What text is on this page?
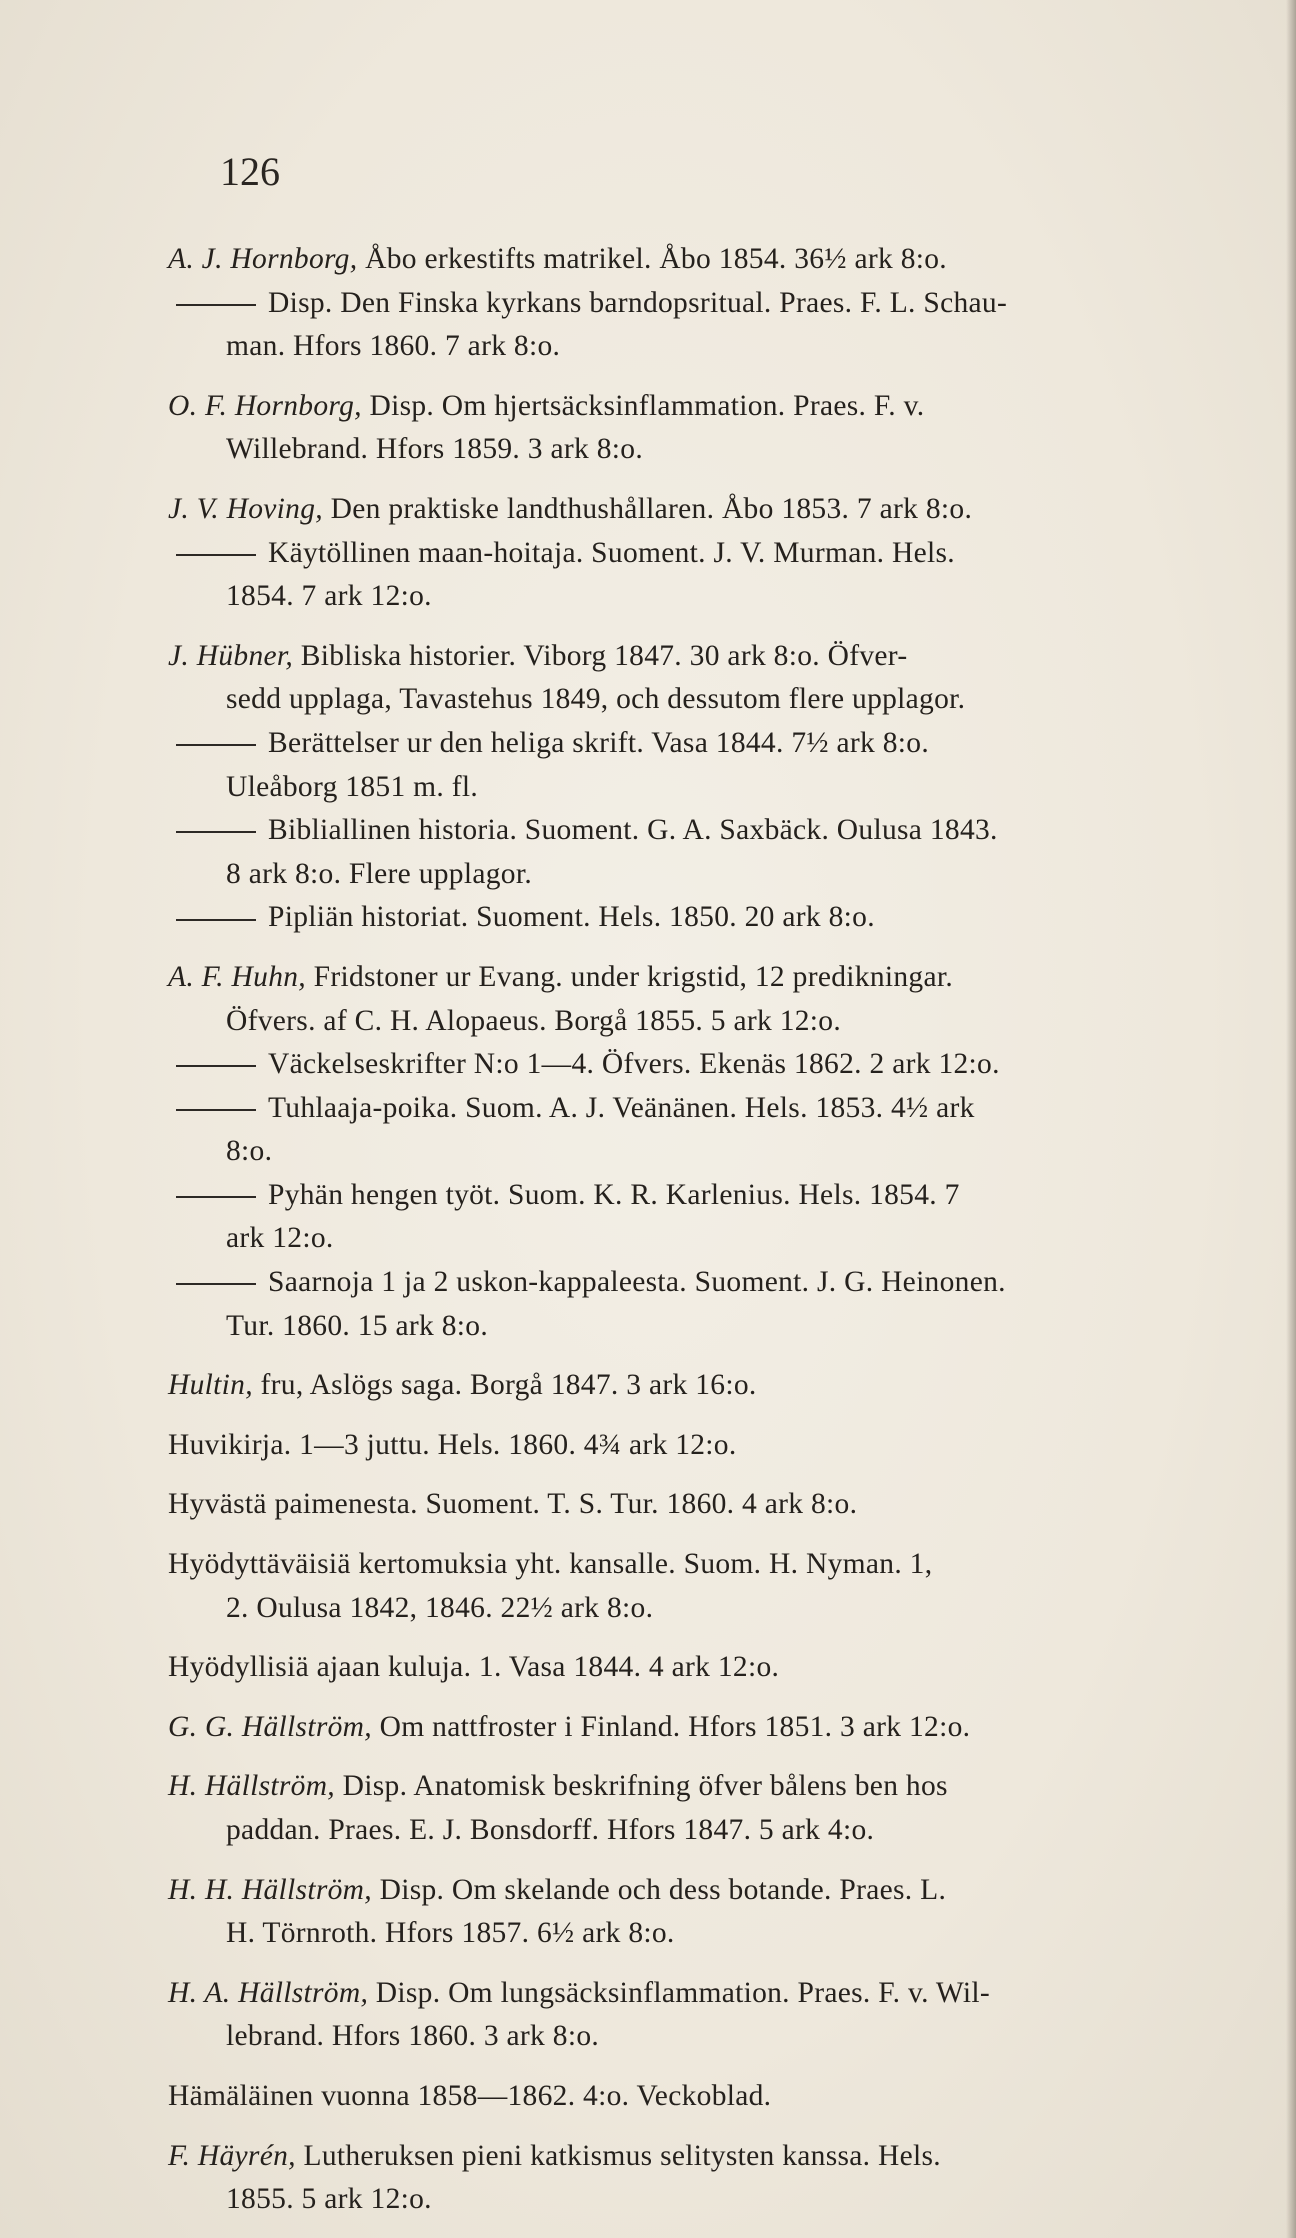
126
A. J. Hornborg, Åbo erkestifts matrikel. Åbo 1854. 36½ ark 8:o.
Disp. Den Finska kyrkans barndopsritual. Praes. F. L. Schau-
man. Hfors 1860. 7 ark 8:o.
O. F. Hornborg, Disp. Om hjertsäcksinflammation. Praes. F. v.
Willebrand. Hfors 1859. 3 ark 8:o.
J. V. Hoving, Den praktiske landthushållaren. Åbo 1853. 7 ark 8:o.
Käytöllinen maan-hoitaja. Suoment. J. V. Murman. Hels.
1854. 7 ark 12:o.
J. Hübner, Bibliska historier. Viborg 1847. 30 ark 8:o. Öfver-
sedd upplaga, Tavastehus 1849, och dessutom flere upplagor.
Berättelser ur den heliga skrift. Vasa 1844. 7½ ark 8:o.
Uleåborg 1851 m. fl.
Bibliallinen historia. Suoment. G. A. Saxbäck. Oulusa 1843.
8 ark 8:o. Flere upplagor.
Pipliän historiat. Suoment. Hels. 1850. 20 ark 8:o.
A. F. Huhn, Fridstoner ur Evang. under krigstid, 12 predikningar.
Öfvers. af C. H. Alopaeus. Borgå 1855. 5 ark 12:o.
Väckelseskrifter N:o 1—4. Öfvers. Ekenäs 1862. 2 ark 12:o.
Tuhlaaja-poika. Suom. A. J. Veänänen. Hels. 1853. 4½ ark
8:o.
Pyhän hengen työt. Suom. K. R. Karlenius. Hels. 1854. 7
ark 12:o.
Saarnoja 1 ja 2 uskon-kappaleesta. Suoment. J. G. Heinonen.
Tur. 1860. 15 ark 8:o.
Hultin, fru, Aslögs saga. Borgå 1847. 3 ark 16:o.
Huvikirja. 1—3 juttu. Hels. 1860. 4¾ ark 12:o.
Hyvästä paimenesta. Suoment. T. S. Tur. 1860. 4 ark 8:o.
Hyödyttäväisiä kertomuksia yht. kansalle. Suom. H. Nyman. 1,
2. Oulusa 1842, 1846. 22½ ark 8:o.
Hyödyllisiä ajaan kuluja. 1. Vasa 1844. 4 ark 12:o.
G. G. Hällström, Om nattfroster i Finland. Hfors 1851. 3 ark 12:o.
H. Hällström, Disp. Anatomisk beskrifning öfver bålens ben hos
paddan. Praes. E. J. Bonsdorff. Hfors 1847. 5 ark 4:o.
H. H. Hällström, Disp. Om skelande och dess botande. Praes. L.
H. Törnroth. Hfors 1857. 6½ ark 8:o.
H. A. Hällström, Disp. Om lungsäcksinflammation. Praes. F. v. Wil-
lebrand. Hfors 1860. 3 ark 8:o.
Hämäläinen vuonna 1858—1862. 4:o. Veckoblad.
F. Häyrén, Lutheruksen pieni katkismus selitysten kanssa. Hels.
1855. 5 ark 12:o.
